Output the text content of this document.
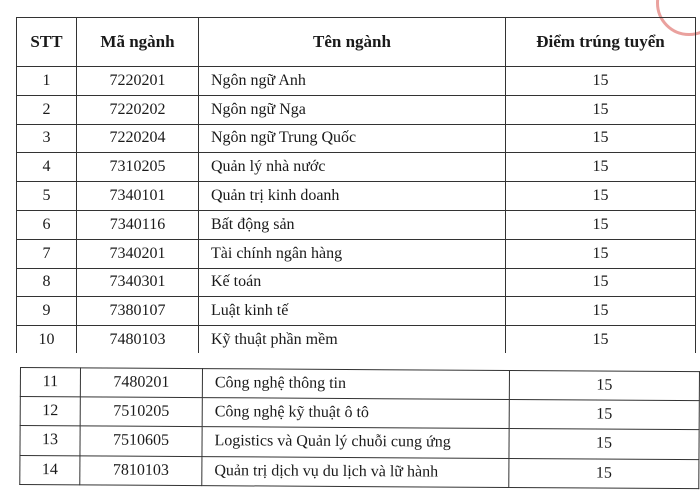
STT	Mã ngành	Tên ngành	Điểm trúng tuyển
1	7220201	Ngôn ngữ Anh	15
2	7220202	Ngôn ngữ Nga	15
3	7220204	Ngôn ngữ Trung Quốc	15
4	7310205	Quản lý nhà nước	15
5	7340101	Quản trị kinh doanh	15
6	7340116	Bất động sản	15
7	7340201	Tài chính ngân hàng	15
8	7340301	Kế toán	15
9	7380107	Luật kinh tế	15
10	7480103	Kỹ thuật phần mềm	15
11	7480201	Công nghệ thông tin	15
12	7510205	Công nghệ kỹ thuật ô tô	15
13	7510605	Logistics và Quản lý chuỗi cung ứng	15
14	7810103	Quản trị dịch vụ du lịch và lữ hành	15
